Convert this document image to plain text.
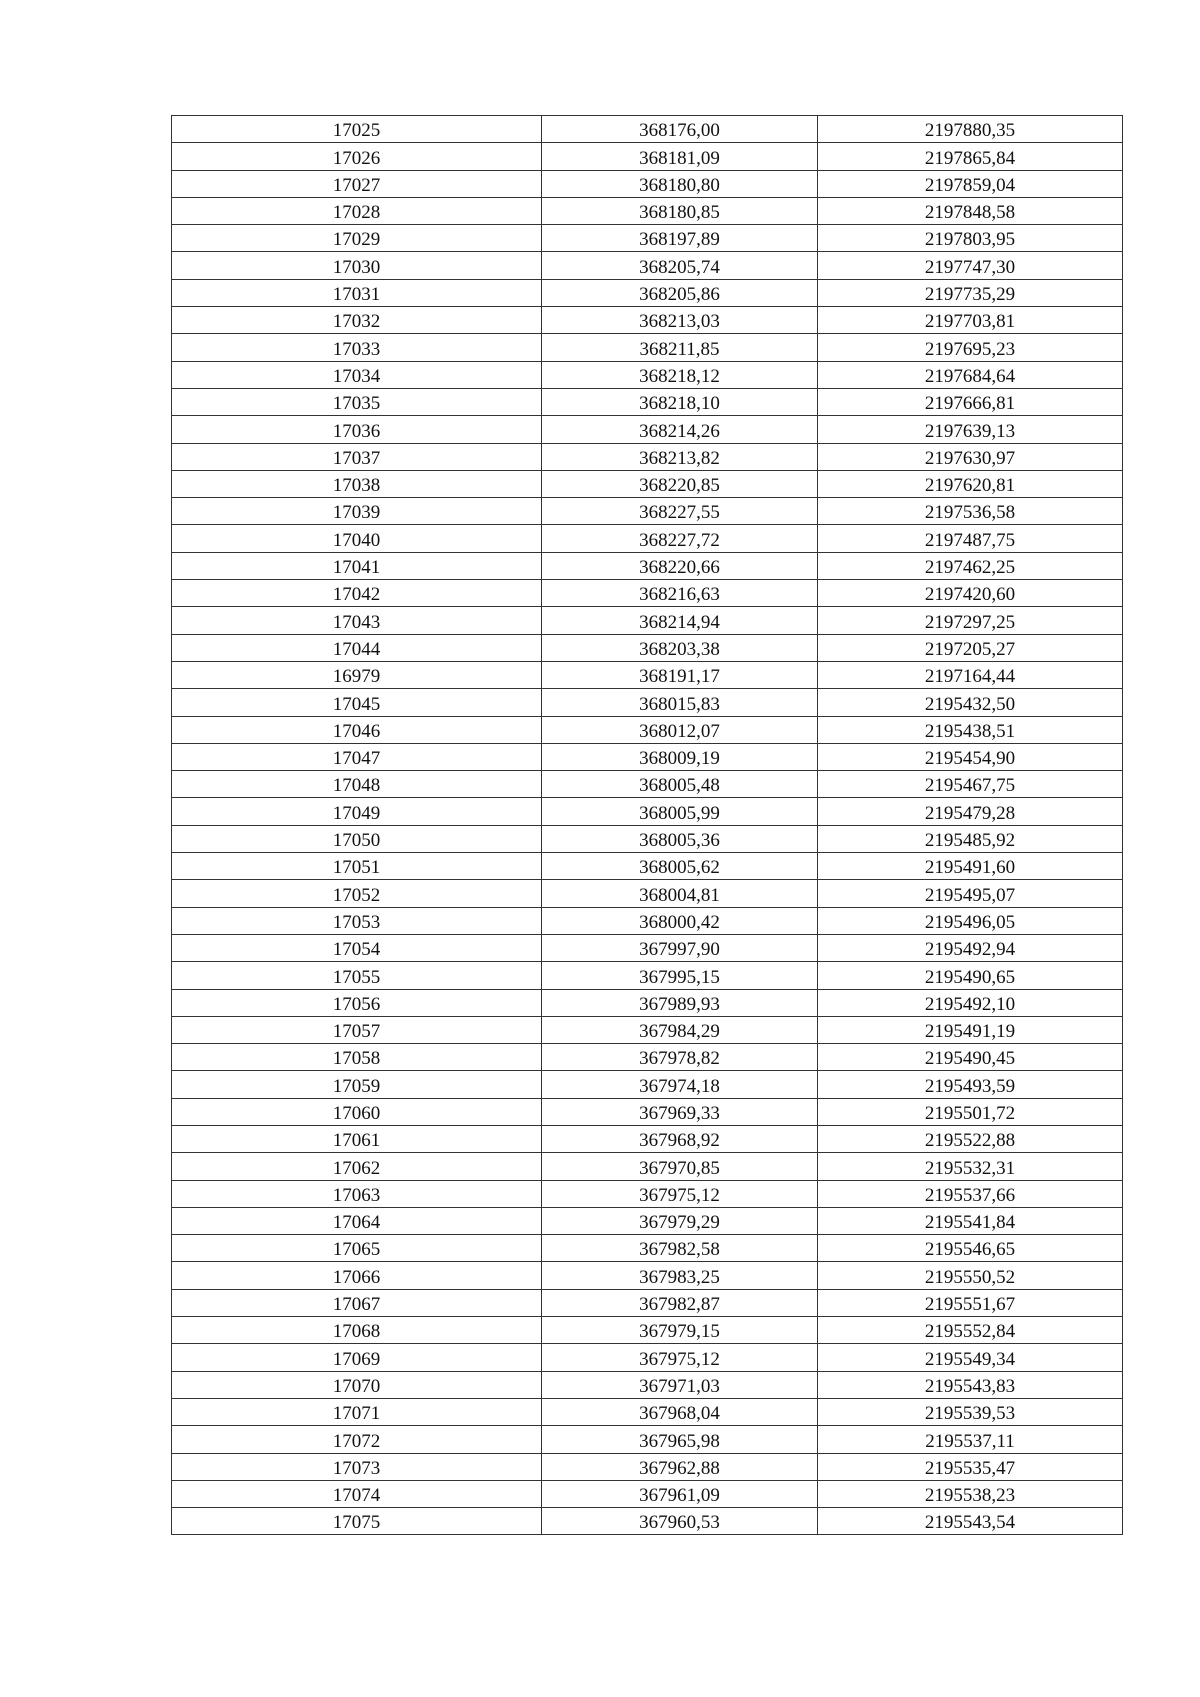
17025	368176,00	2197880,35
17026	368181,09	2197865,84
17027	368180,80	2197859,04
17028	368180,85	2197848,58
17029	368197,89	2197803,95
17030	368205,74	2197747,30
17031	368205,86	2197735,29
17032	368213,03	2197703,81
17033	368211,85	2197695,23
17034	368218,12	2197684,64
17035	368218,10	2197666,81
17036	368214,26	2197639,13
17037	368213,82	2197630,97
17038	368220,85	2197620,81
17039	368227,55	2197536,58
17040	368227,72	2197487,75
17041	368220,66	2197462,25
17042	368216,63	2197420,60
17043	368214,94	2197297,25
17044	368203,38	2197205,27
16979	368191,17	2197164,44
17045	368015,83	2195432,50
17046	368012,07	2195438,51
17047	368009,19	2195454,90
17048	368005,48	2195467,75
17049	368005,99	2195479,28
17050	368005,36	2195485,92
17051	368005,62	2195491,60
17052	368004,81	2195495,07
17053	368000,42	2195496,05
17054	367997,90	2195492,94
17055	367995,15	2195490,65
17056	367989,93	2195492,10
17057	367984,29	2195491,19
17058	367978,82	2195490,45
17059	367974,18	2195493,59
17060	367969,33	2195501,72
17061	367968,92	2195522,88
17062	367970,85	2195532,31
17063	367975,12	2195537,66
17064	367979,29	2195541,84
17065	367982,58	2195546,65
17066	367983,25	2195550,52
17067	367982,87	2195551,67
17068	367979,15	2195552,84
17069	367975,12	2195549,34
17070	367971,03	2195543,83
17071	367968,04	2195539,53
17072	367965,98	2195537,11
17073	367962,88	2195535,47
17074	367961,09	2195538,23
17075	367960,53	2195543,54
